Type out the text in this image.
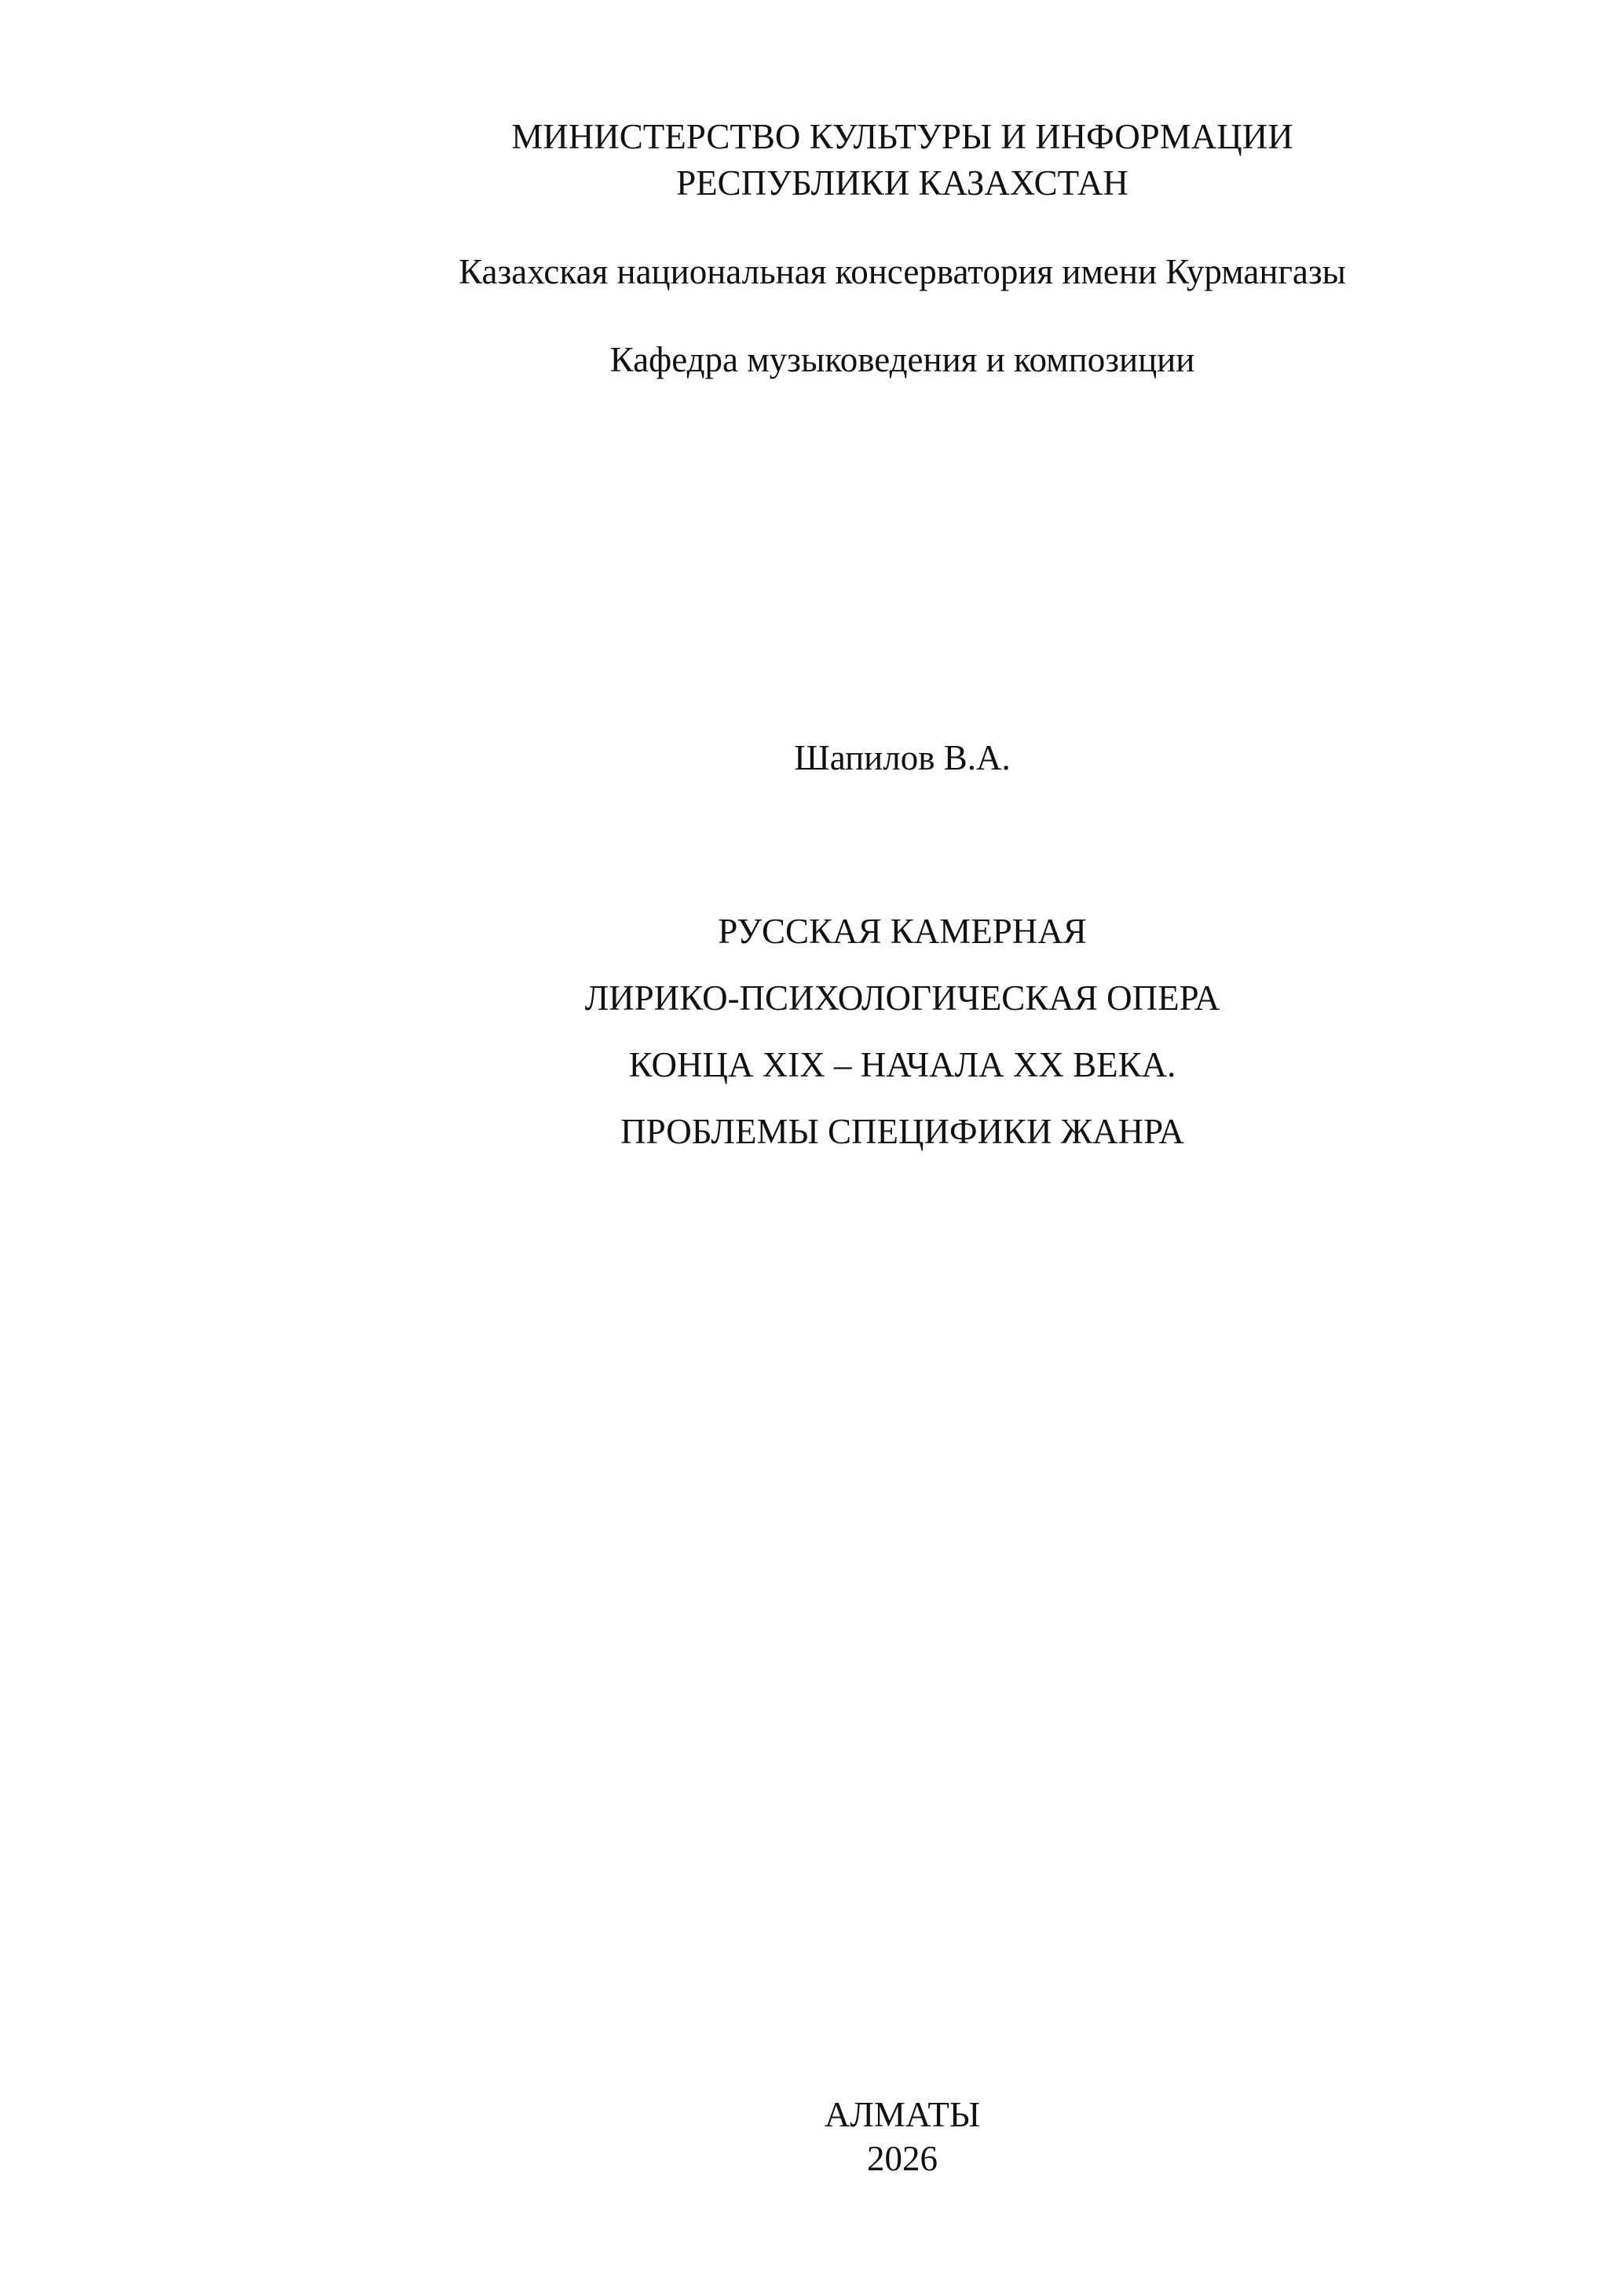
МИНИСТЕРСТВО КУЛЬТУРЫ И ИНФОРМАЦИИ
РЕСПУБЛИКИ КАЗАХСТАН
Казахская национальная консерватория имени Курмангазы
Кафедра музыковедения и композиции
Шапилов В.А.
РУССКАЯ КАМЕРНАЯ
ЛИРИКО-ПСИХОЛОГИЧЕСКАЯ ОПЕРА
КОНЦА XIX – НАЧАЛА XX ВЕКА.
ПРОБЛЕМЫ СПЕЦИФИКИ ЖАНРА
АЛМАТЫ
2026
